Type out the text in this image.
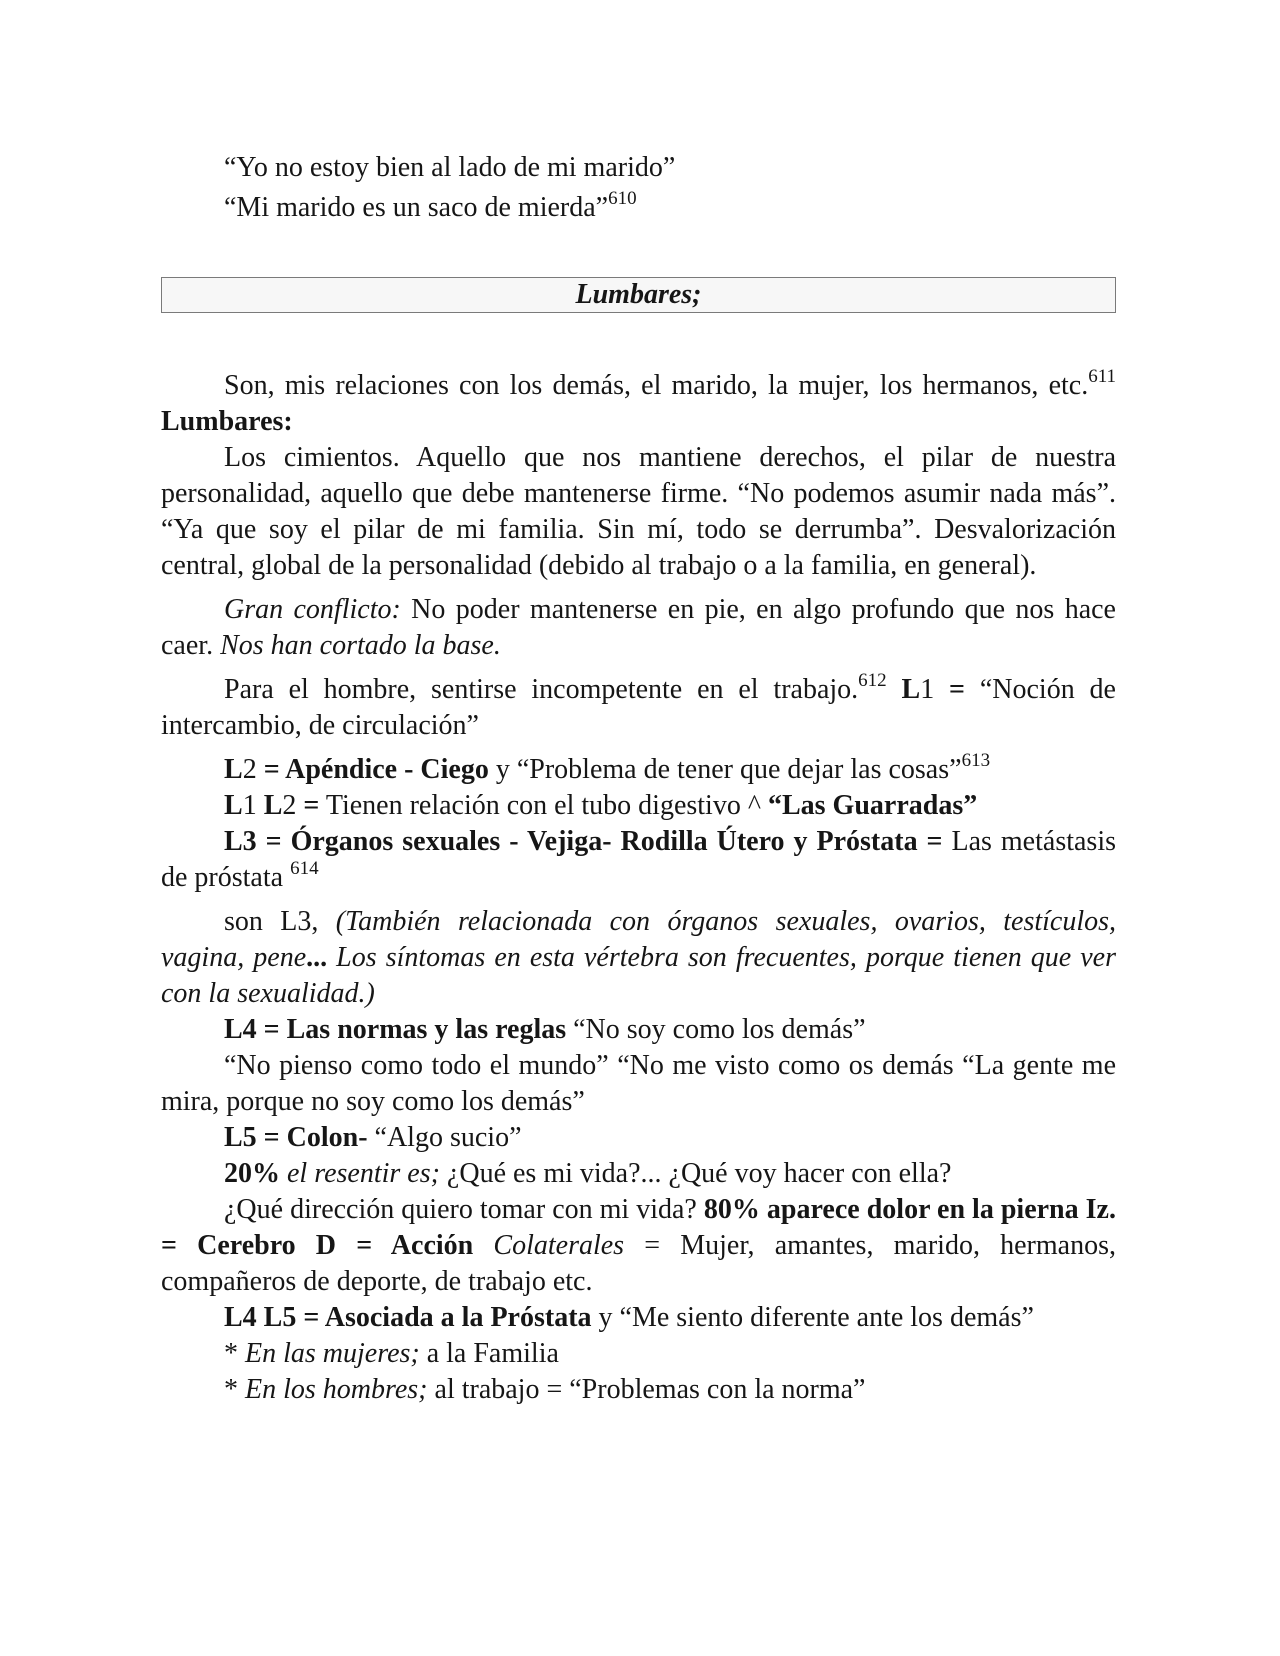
“Yo no estoy bien al lado de mi marido”

“Mi marido es un saco de mierda”$^{610}$

Lumbares;

Son, mis relaciones con los demás, el marido, la mujer, los hermanos, etc.$^{611}$ Lumbares:

Los cimientos. Aquello que nos mantiene derechos, el pilar de nuestra personalidad, aquello que debe mantenerse firme. “No podemos asumir nada más”. “Ya que soy el pilar de mi familia. Sin mí, todo se derrumba”. Desvalorización central, global de la personalidad (debido al trabajo o a la familia, en general).

Gran conflicto: No poder mantenerse en pie, en algo profundo que nos hace caer. Nos han cortado la base.

Para el hombre, sentirse incompetente en el trabajo.$^{612}$ L1 = “Noción de intercambio, de circulación”

L2 = Apéndice - Ciego y “Problema de tener que dejar las cosas”$^{613}$

L1 L2 = Tienen relación con el tubo digestivo ^ “Las Guarradas”

L3 = Órganos sexuales - Vejiga- Rodilla Útero y Próstata = Las metástasis de próstata $^{614}$

son L3, (También relacionada con órganos sexuales, ovarios, testículos, vagina, pene... Los síntomas en esta vértebra son frecuentes, porque tienen que ver con la sexualidad.)

L4 = Las normas y las reglas “No soy como los demás”

“No pienso como todo el mundo” “No me visto como os demás “La gente me mira, porque no soy como los demás”

L5 = Colon- “Algo sucio”

20% el resentir es; ¿Qué es mi vida?... ¿Qué voy hacer con ella?

¿Qué dirección quiero tomar con mi vida? 80% aparece dolor en la pierna Iz. = Cerebro D = Acción Colaterales = Mujer, amantes, marido, hermanos, compañeros de deporte, de trabajo etc.

L4 L5 = Asociada a la Próstata y “Me siento diferente ante los demás”

* En las mujeres; a la Familia

* En los hombres; al trabajo = “Problemas con la norma”
